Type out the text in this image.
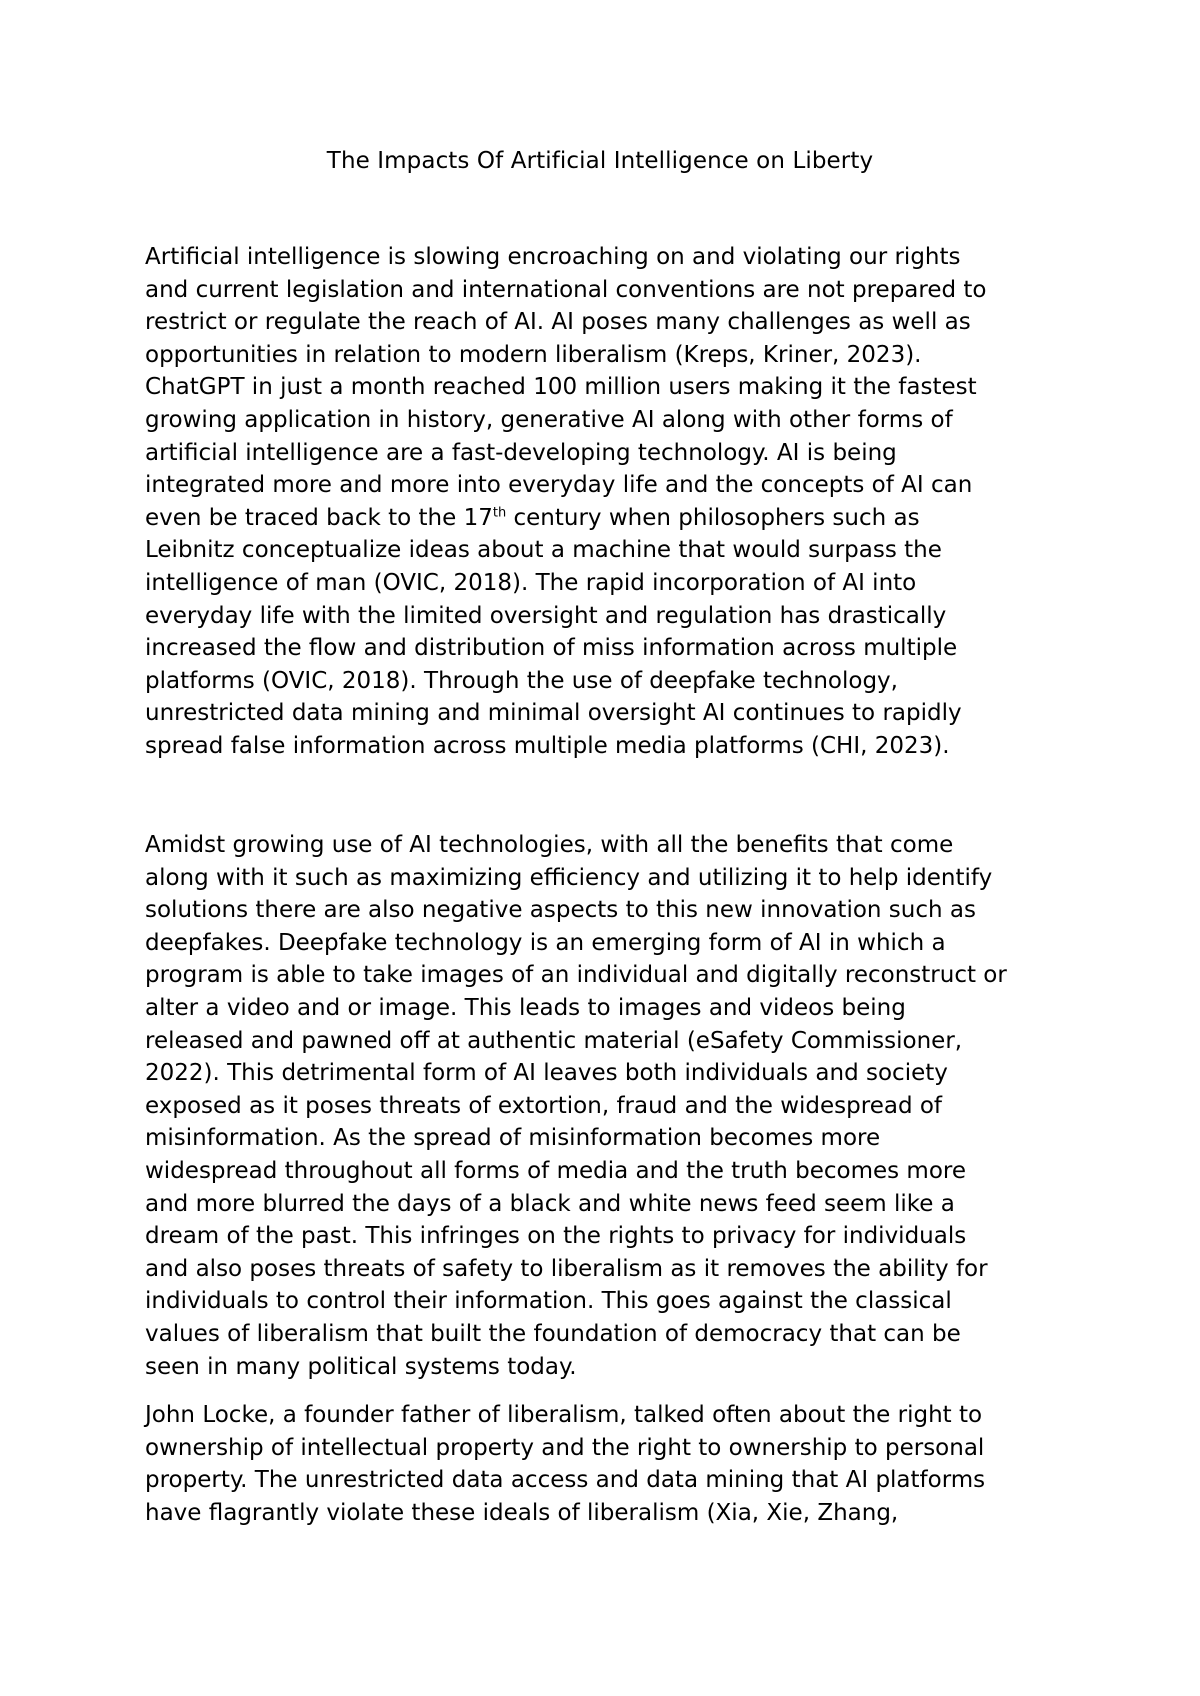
The Impacts Of Artificial Intelligence on Liberty

Artificial intelligence is slowing encroaching on and violating our rights
and current legislation and international conventions are not prepared to
restrict or regulate the reach of AI. AI poses many challenges as well as
opportunities in relation to modern liberalism (Kreps, Kriner, 2023).
ChatGPT in just a month reached 100 million users making it the fastest
growing application in history, generative AI along with other forms of
artificial intelligence are a fast-developing technology. AI is being
integrated more and more into everyday life and the concepts of AI can
even be traced back to the 17th century when philosophers such as
Leibnitz conceptualize ideas about a machine that would surpass the
intelligence of man (OVIC, 2018). The rapid incorporation of AI into
everyday life with the limited oversight and regulation has drastically
increased the flow and distribution of miss information across multiple
platforms (OVIC, 2018). Through the use of deepfake technology,
unrestricted data mining and minimal oversight AI continues to rapidly
spread false information across multiple media platforms (CHI, 2023).

Amidst growing use of AI technologies, with all the benefits that come
along with it such as maximizing efficiency and utilizing it to help identify
solutions there are also negative aspects to this new innovation such as
deepfakes. Deepfake technology is an emerging form of AI in which a
program is able to take images of an individual and digitally reconstruct or
alter a video and or image. This leads to images and videos being
released and pawned off at authentic material (eSafety Commissioner,
2022). This detrimental form of AI leaves both individuals and society
exposed as it poses threats of extortion, fraud and the widespread of
misinformation. As the spread of misinformation becomes more
widespread throughout all forms of media and the truth becomes more
and more blurred the days of a black and white news feed seem like a
dream of the past. This infringes on the rights to privacy for individuals
and also poses threats of safety to liberalism as it removes the ability for
individuals to control their information. This goes against the classical
values of liberalism that built the foundation of democracy that can be
seen in many political systems today.

John Locke, a founder father of liberalism, talked often about the right to
ownership of intellectual property and the right to ownership to personal
property. The unrestricted data access and data mining that AI platforms
have flagrantly violate these ideals of liberalism (Xia, Xie, Zhang,
